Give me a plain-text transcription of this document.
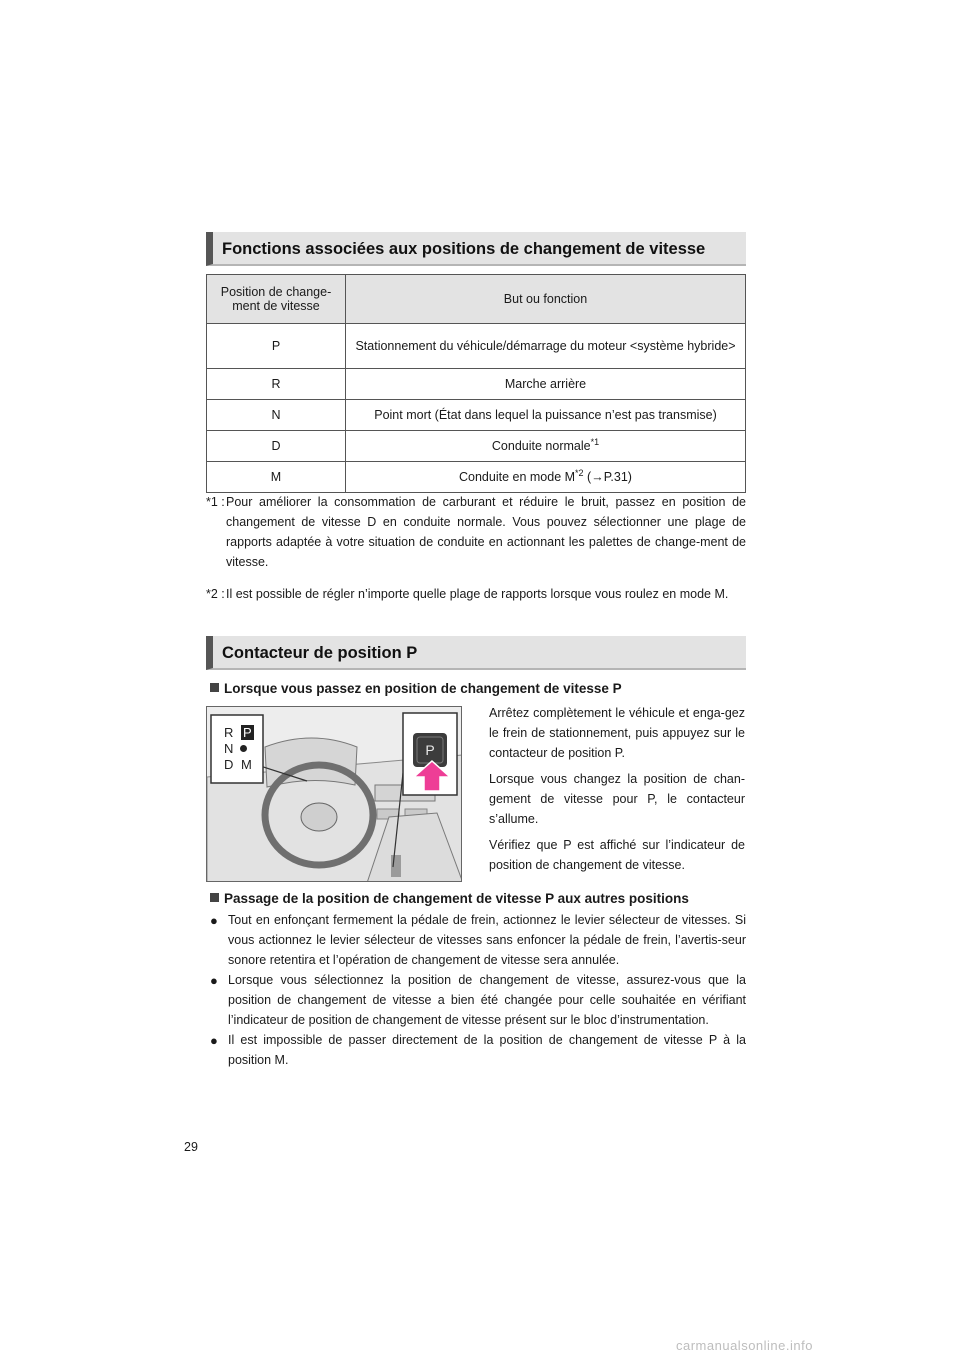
Fonctions associées aux positions de changement de vitesse
Position de change-ment de vitesse	But ou fonction
P	Stationnement du véhicule/démarrage du moteur <système hybride>
R	Marche arrière
N	Point mort (État dans lequel la puissance n’est pas transmise)
D	Conduite normale$^{*1}$
M	Conduite en mode $M^{*2}$ (→P.31)
*1 : Pour améliorer la consommation de carburant et réduire le bruit, passez en position de changement de vitesse D en conduite normale. Vous pouvez sélectionner une plage de rapports adaptée à votre situation de conduite en actionnant les palettes de change-ment de vitesse.
*2 : Il est possible de régler n’importe quelle plage de rapports lorsque vous roulez en mode M.
Contacteur de position P
Lorsque vous passez en position de changement de vitesse P
R P
N
D M
P

Arrêtez complètement le véhicule et enga-gez le frein de stationnement, puis appuyez sur le contacteur de position P.

Lorsque vous changez la position de chan-gement de vitesse pour P, le contacteur s’allume.

Vérifiez que P est affiché sur l’indicateur de position de changement de vitesse.

Passage de la position de changement de vitesse P aux autres positions
● Tout en enfonçant fermement la pédale de frein, actionnez le levier sélecteur de vitesses. Si vous actionnez le levier sélecteur de vitesses sans enfoncer la pédale de frein, l’avertis-seur sonore retentira et l’opération de changement de vitesse sera annulée.
● Lorsque vous sélectionnez la position de changement de vitesse, assurez-vous que la position de changement de vitesse a bien été changée pour celle souhaitée en vérifiant l’indicateur de position de changement de vitesse présent sur le bloc d’instrumentation.
● Il est impossible de passer directement de la position de changement de vitesse P à la position M.
29
carmanualsonline.info
